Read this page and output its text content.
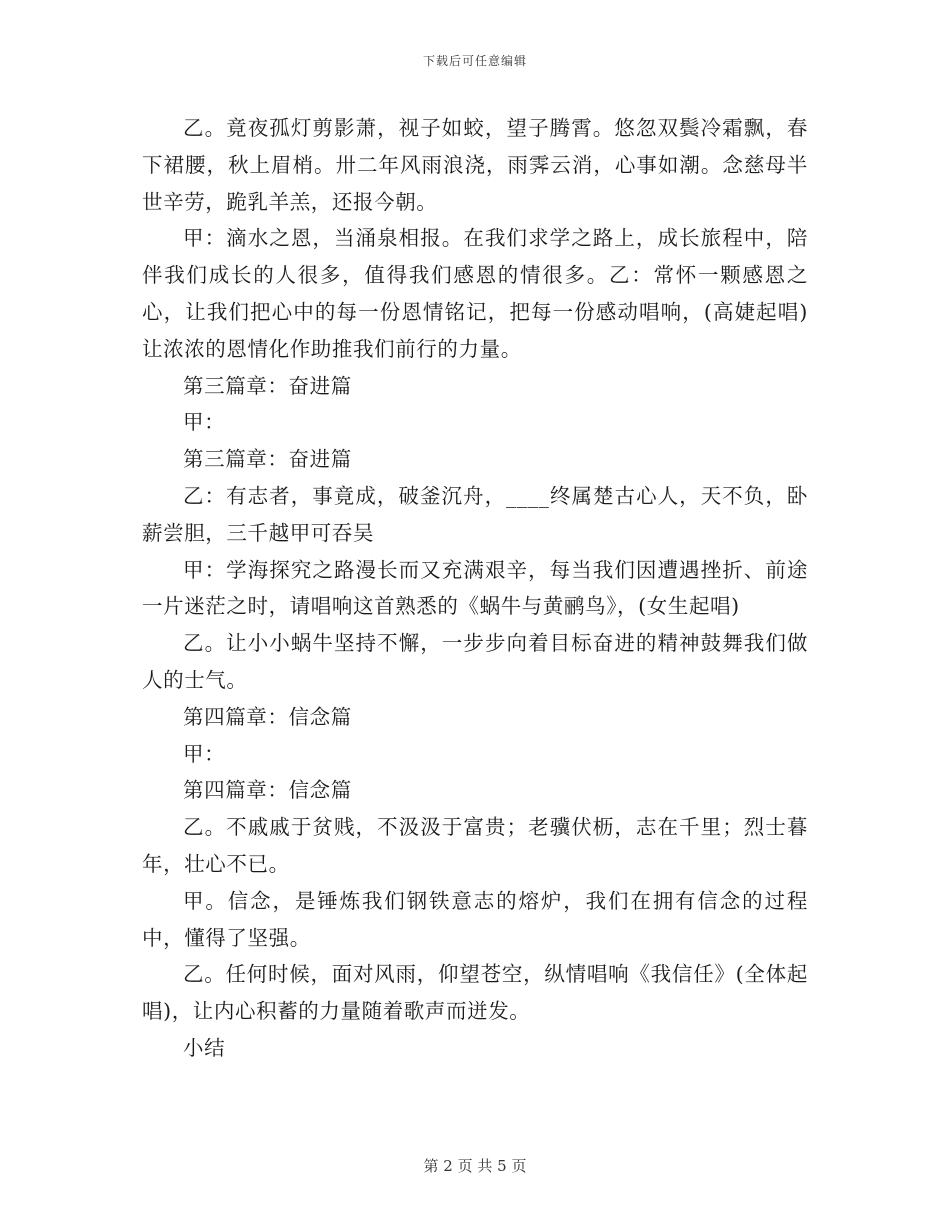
下载后可任意编辑

乙。竟夜孤灯剪影萧，视子如蛟，望子腾霄。悠忽双鬓冷霜飘，春下裙腰，秋上眉梢。卅二年风雨浪浇，雨霁云消，心事如潮。念慈母半世辛劳，跪乳羊羔，还报今朝。

甲：滴水之恩，当涌泉相报。在我们求学之路上，成长旅程中，陪伴我们成长的人很多，值得我们感恩的情很多。乙：常怀一颗感恩之心，让我们把心中的每一份恩情铭记，把每一份感动唱响，(高婕起唱)让浓浓的恩情化作助推我们前行的力量。

第三篇章：奋进篇

甲：

第三篇章：奋进篇

乙：有志者，事竟成，破釜沉舟，____终属楚古心人，天不负，卧薪尝胆，三千越甲可吞吴

甲：学海探究之路漫长而又充满艰辛，每当我们因遭遇挫折、前途一片迷茫之时，请唱响这首熟悉的《蜗牛与黄鹂鸟》，(女生起唱)

乙。让小小蜗牛坚持不懈，一步步向着目标奋进的精神鼓舞我们做人的士气。

第四篇章：信念篇

甲：

第四篇章：信念篇

乙。不戚戚于贫贱，不汲汲于富贵；老骥伏枥，志在千里；烈士暮年，壮心不已。

甲。信念，是锤炼我们钢铁意志的熔炉，我们在拥有信念的过程中，懂得了坚强。

乙。任何时候，面对风雨，仰望苍空，纵情唱响《我信任》(全体起唱)，让内心积蓄的力量随着歌声而迸发。

小结

第 2 页 共 5 页
